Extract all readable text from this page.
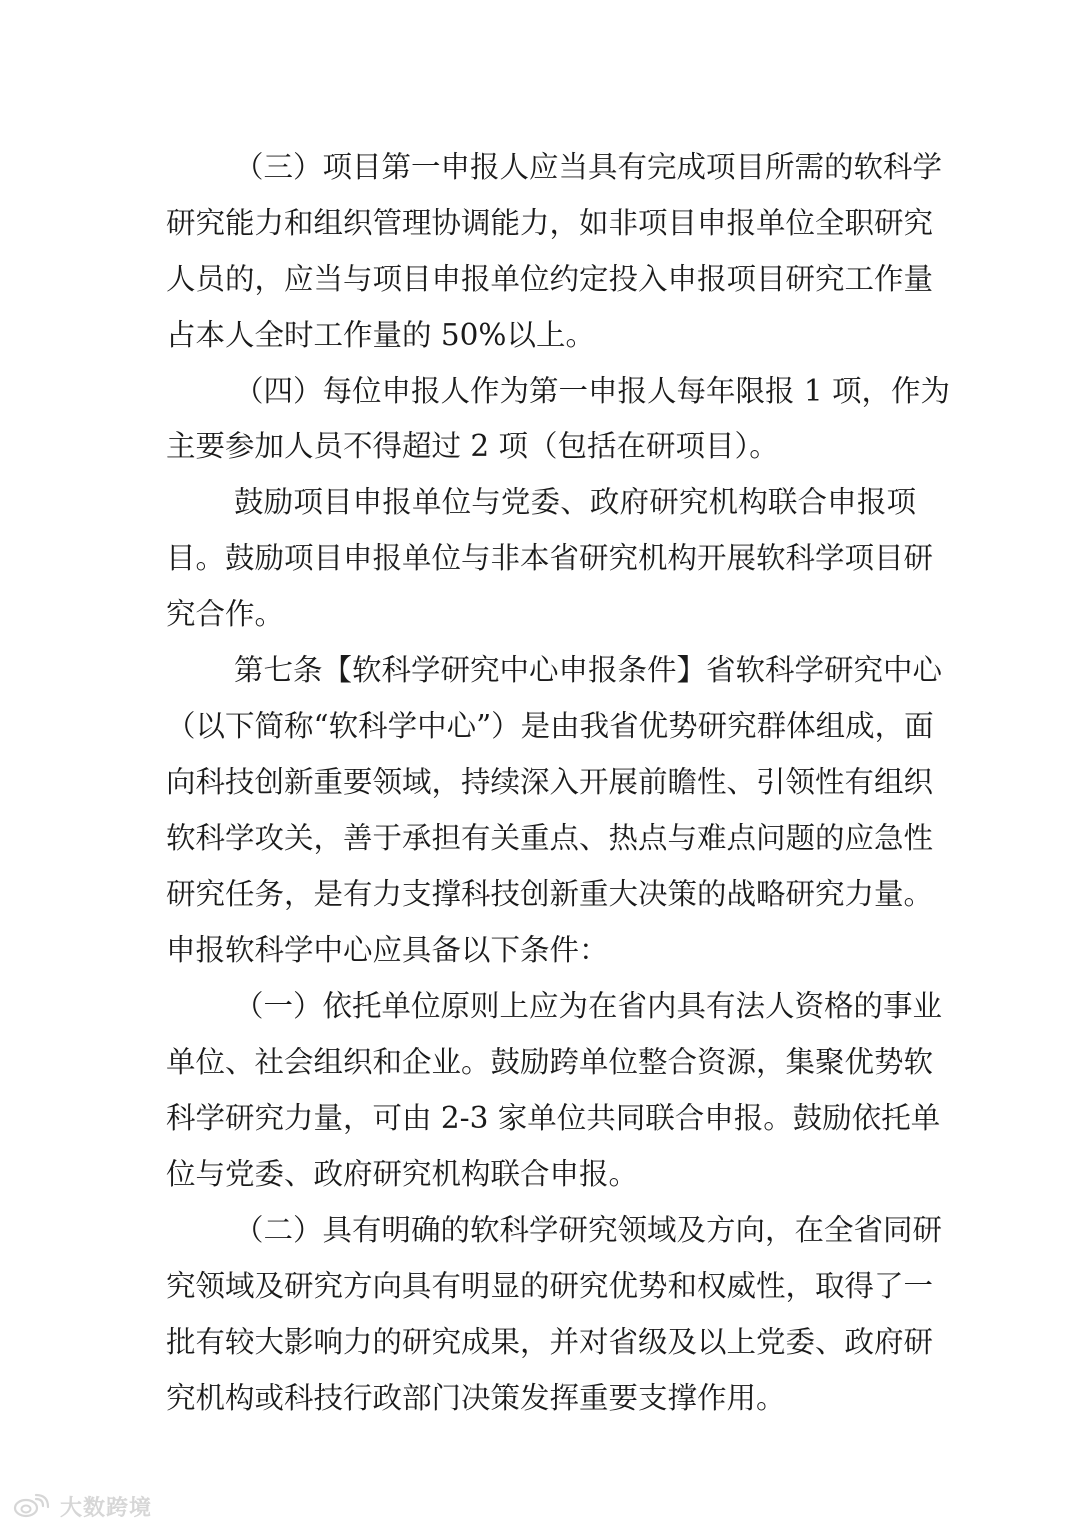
（三）项目第一申报人应当具有完成项目所需的软科学
研究能力和组织管理协调能力，如非项目申报单位全职研究
人员的，应当与项目申报单位约定投入申报项目研究工作量
占本人全时工作量的 50%以上。
（四）每位申报人作为第一申报人每年限报 1 项，作为
主要参加人员不得超过 2 项（包括在研项目）。
鼓励项目申报单位与党委、政府研究机构联合申报项
目。鼓励项目申报单位与非本省研究机构开展软科学项目研
究合作。
第七条【软科学研究中心申报条件】省软科学研究中心
（以下简称“软科学中心”）是由我省优势研究群体组成，面
向科技创新重要领域，持续深入开展前瞻性、引领性有组织
软科学攻关，善于承担有关重点、热点与难点问题的应急性
研究任务，是有力支撑科技创新重大决策的战略研究力量。
申报软科学中心应具备以下条件：
（一）依托单位原则上应为在省内具有法人资格的事业
单位、社会组织和企业。鼓励跨单位整合资源，集聚优势软
科学研究力量，可由 2-3 家单位共同联合申报。鼓励依托单
位与党委、政府研究机构联合申报。
（二）具有明确的软科学研究领域及方向，在全省同研
究领域及研究方向具有明显的研究优势和权威性，取得了一
批有较大影响力的研究成果，并对省级及以上党委、政府研
究机构或科技行政部门决策发挥重要支撑作用。
大数跨境
